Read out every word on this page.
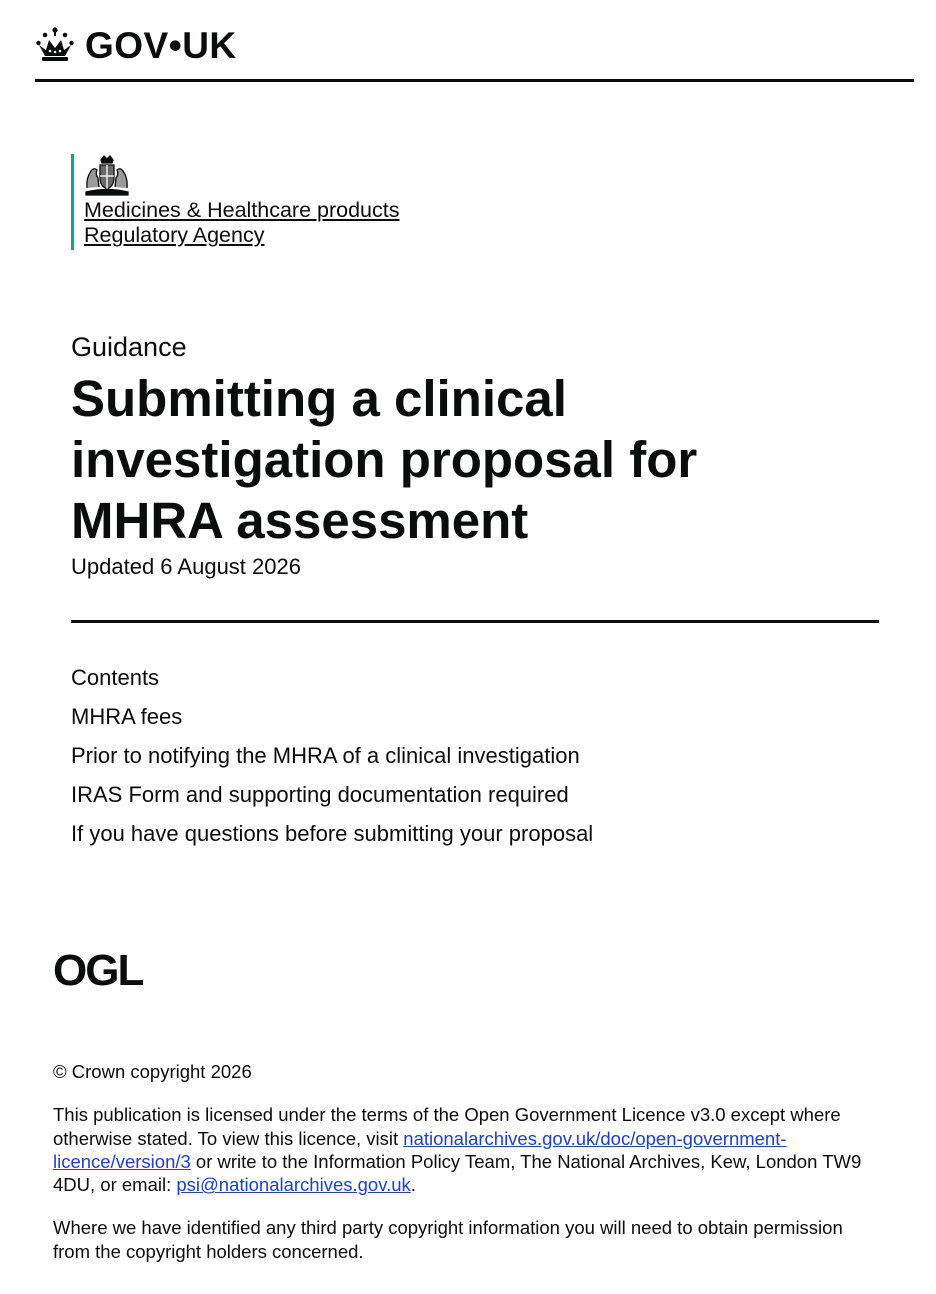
GOV•UK
Medicines & Healthcare products
Regulatory Agency
Guidance
Submitting a clinical investigation proposal for MHRA assessment
Updated 6 August 2026
Contents
MHRA fees
Prior to notifying the MHRA of a clinical investigation
IRAS Form and supporting documentation required
If you have questions before submitting your proposal
OGL

© Crown copyright 2026

This publication is licensed under the terms of the Open Government Licence v3.0 except where otherwise stated. To view this licence, visit nationalarchives.gov.uk/doc/open-government-licence/version/3 or write to the Information Policy Team, The National Archives, Kew, London TW9 4DU, or email: psi@nationalarchives.gov.uk.

Where we have identified any third party copyright information you will need to obtain permission from the copyright holders concerned.
